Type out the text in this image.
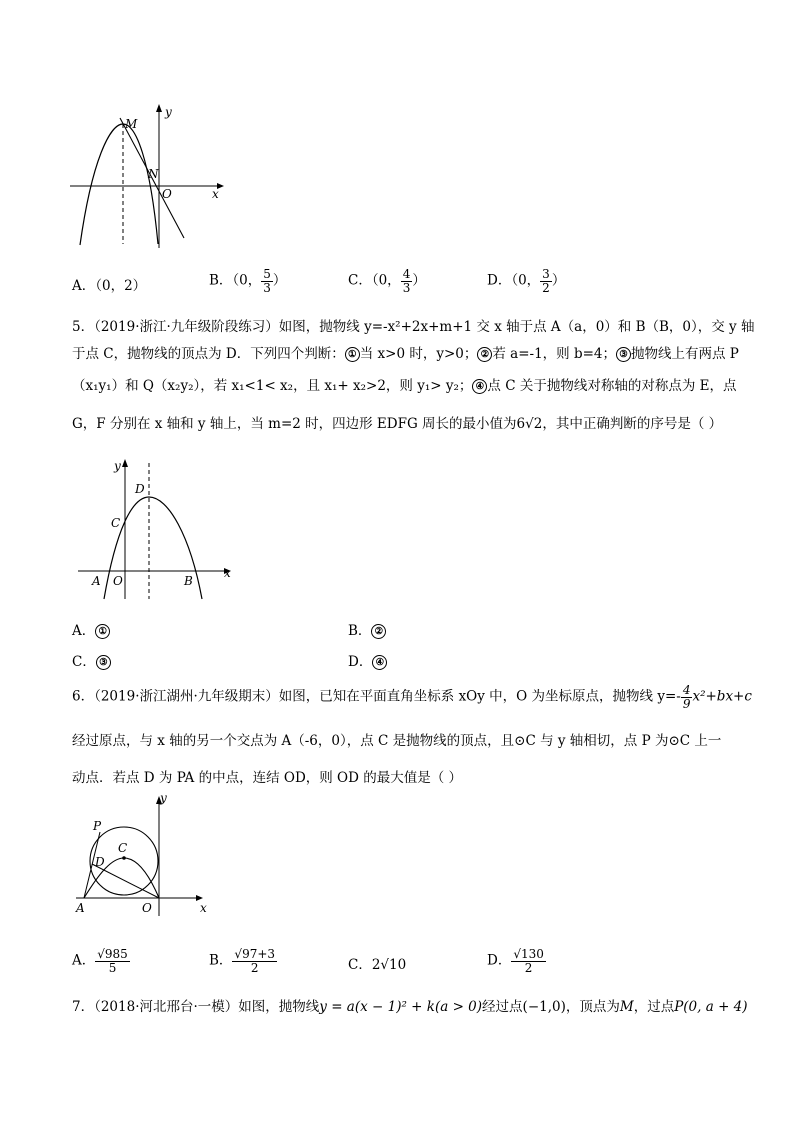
y
M
N
O	x
A．（0，2）	B．（0， $\frac{5}{3}$ ）	C．（0， $\frac{4}{3}$ ）	D．（0， $\frac{3}{2}$ ）
5．（2019·浙江·九年级阶段练习）如图，抛物线 y=-x²+2x+m+1 交 x 轴于点 A（a，0）和 B（B，0），交 y 轴
于点 C，抛物线的顶点为 D．下列四个判断： ① 当 x>0 时，y>0； ② 若 a=-1，则 b=4； ③ 抛物线上有两点 P
（x₁y₁）和 Q（x₂y₂），若 x₁<1< x₂，且 x₁+ x₂>2，则 y₁> y₂； ④ 点 C 关于抛物线对称轴的对称点为 E，点
G，F 分别在 x 轴和 y 轴上，当 m=2 时，四边形 EDFG 周长的最小值为6√2，其中正确判断的序号是（ ）
y
D
C
A O	B
x
A． ①	B． ②
C． ③	D． ④
6．（2019·浙江湖州·九年级期末）如图，已知在平面直角坐标系 xOy 中，O 为坐标原点，抛物线 $y=- \frac{4}{9} x^2+bx+c$
经过原点，与 x 轴的另一个交点为 A（-6，0），点 C 是抛物线的顶点，且⊙C 与 y 轴相切，点 P 为⊙C 上一
动点．若点 D 为 PA 的中点，连结 OD，则 OD 的最大值是（ ）
y
P
C
D
A	O	x
A． $\frac{√985}{5}$	B． $\frac{√97+3}{2}$	C．2√10	D． $\frac{√130}{2}$
7．（2018·河北邢台·一模）如图，抛物线y = a(x − 1)² + k(a > 0)经过点(−1,0)，顶点为M，过点P(0, a + 4)
